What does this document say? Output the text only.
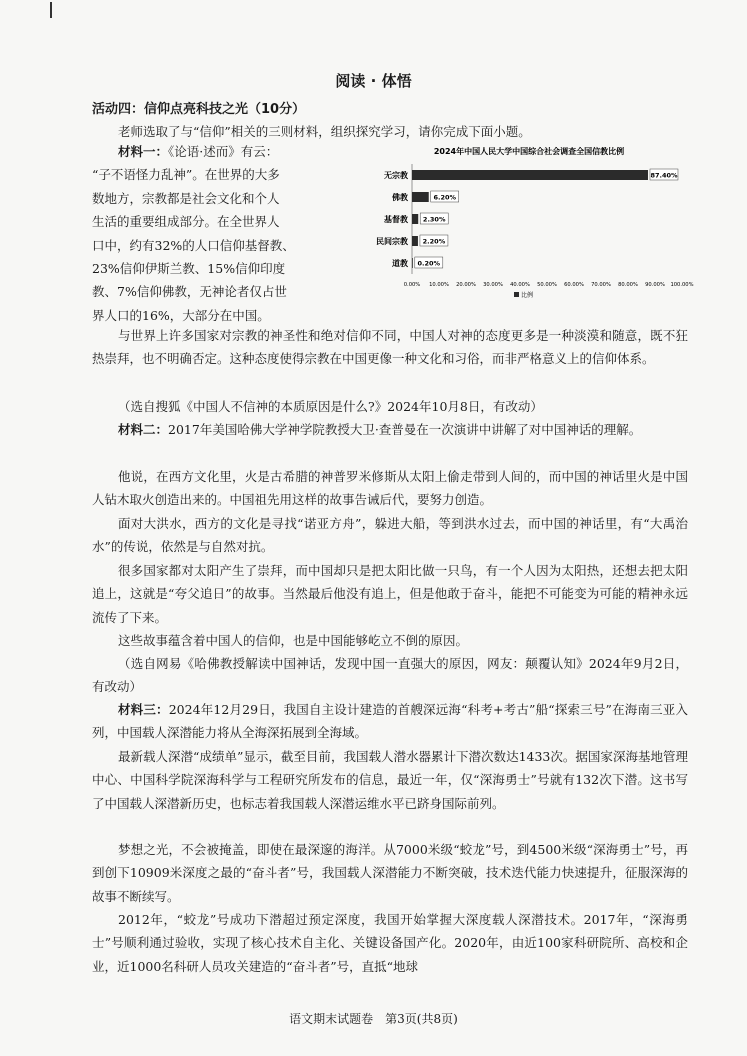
阅读 · 体悟
活动四：信仰点亮科技之光（10分）

老师选取了与“信仰”相关的三则材料，组织探究学习，请你完成下面小题。

材料一：《论语·述而》有云：
“子不语怪力乱神”。在世界的大多
数地方，宗教都是社会文化和个人
生活的重要组成部分。在全世界人
口中，约有32%的人口信仰基督教、
23%信仰伊斯兰教、15%信仰印度
教、7%信仰佛教，无神论者仅占世
界人口的16%，大部分在中国。
2024年中国人民大学中国综合社会调查全国信教比例
无宗教	87.40%
佛教	6.20%
基督教 2.30%
民间宗教 2.20%
道教 0.20%
0.00% 10.00% 20.00% 30.00% 40.00% 50.00% 60.00% 70.00% 80.00% 90.00% 100.00%
比例

与世界上许多国家对宗教的神圣性和绝对信仰不同，中国人对神的态度更多是一种淡漠和随意，既不狂热崇拜，也不明确否定。这种态度使得宗教在中国更像一种文化和习俗，而非严格意义上的信仰体系。

（选自搜狐《中国人不信神的本质原因是什么?》2024年10月8日，有改动）

材料二：2017年美国哈佛大学神学院教授大卫·查普曼在一次演讲中讲解了对中国神话的理解。

他说，在西方文化里，火是古希腊的神普罗米修斯从太阳上偷走带到人间的，而中国的神话里火是中国人钻木取火创造出来的。中国祖先用这样的故事告诫后代，要努力创造。

面对大洪水，西方的文化是寻找“诺亚方舟”，躲进大船，等到洪水过去，而中国的神话里，有“大禹治水”的传说，依然是与自然对抗。

很多国家都对太阳产生了崇拜，而中国却只是把太阳比做一只鸟，有一个人因为太阳热，还想去把太阳追上，这就是“夸父追日”的故事。当然最后他没有追上，但是他敢于奋斗，能把不可能变为可能的精神永远流传了下来。

这些故事蕴含着中国人的信仰，也是中国能够屹立不倒的原因。

（选自网易《哈佛教授解读中国神话，发现中国一直强大的原因，网友：颠覆认知》2024年9月2日，有改动）

材料三：2024年12月29日，我国自主设计建造的首艘深远海“科考+考古”船“探索三号”在海南三亚入列，中国载人深潜能力将从全海深拓展到全海域。

最新载人深潜“成绩单”显示，截至目前，我国载人潜水器累计下潜次数达1433次。据国家深海基地管理中心、中国科学院深海科学与工程研究所发布的信息，最近一年，仅“深海勇士”号就有132次下潜。这书写了中国载人深潜新历史，也标志着我国载人深潜运维水平已跻身国际前列。

梦想之光，不会被掩盖，即使在最深邃的海洋。从7000米级“蛟龙”号，到4500米级“深海勇士”号，再到创下10909米深度之最的“奋斗者”号，我国载人深潜能力不断突破，技术迭代能力快速提升，征服深海的故事不断续写。

2012年，“蛟龙”号成功下潜超过预定深度，我国开始掌握大深度载人深潜技术。2017年，“深海勇士”号顺利通过验收，实现了核心技术自主化、关键设备国产化。2020年，由近100家科研院所、高校和企业，近1000名科研人员攻关建造的“奋斗者”号，直抵“地球

语文期末试题卷　第3页(共8页)
